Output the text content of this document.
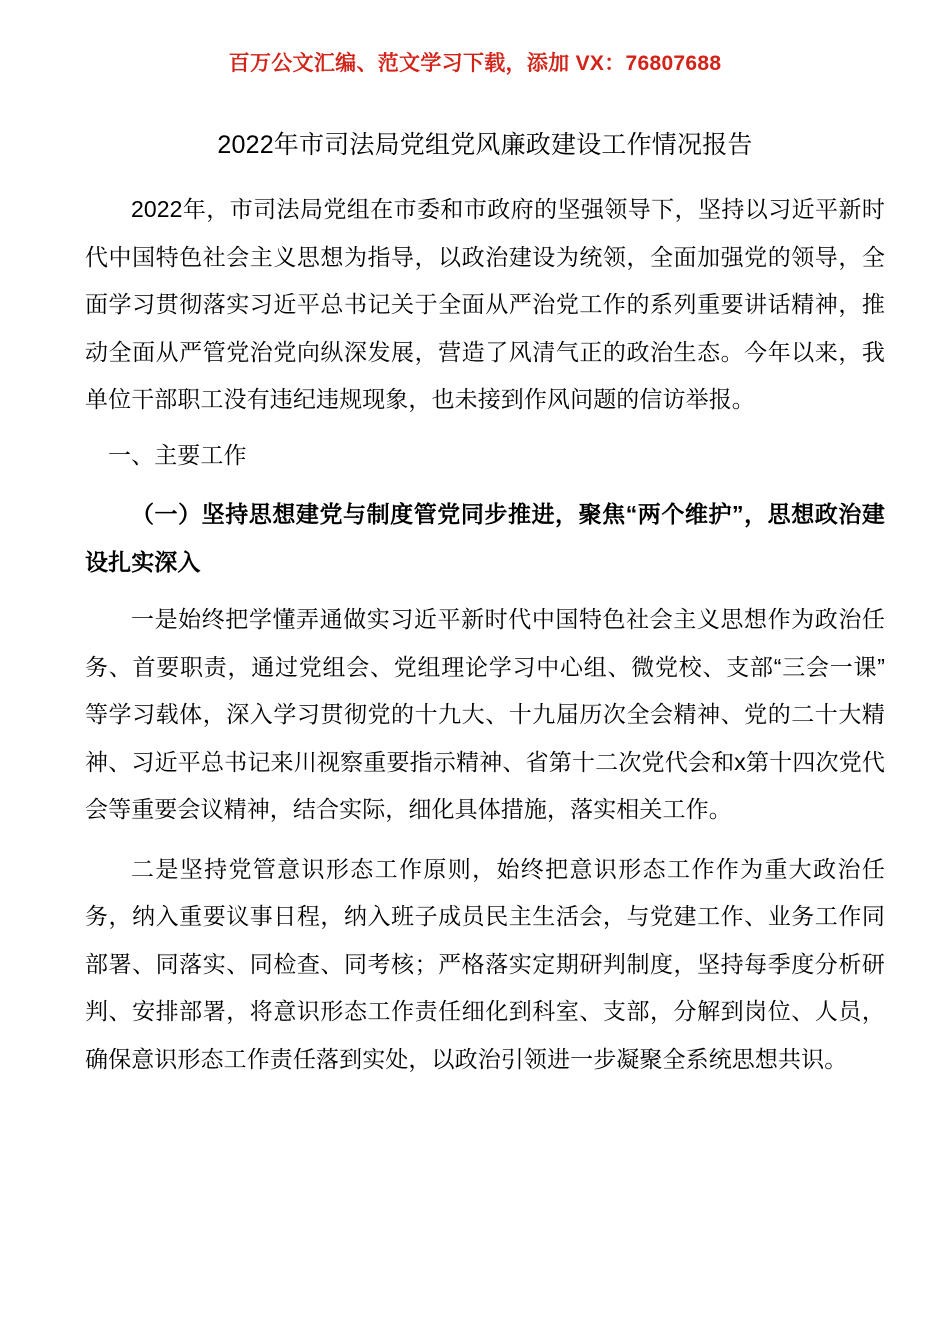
百万公文汇编、范文学习下载，添加 VX：76807688
2022年市司法局党组党风廉政建设工作情况报告

2022年，市司法局党组在市委和市政府的坚强领导下，坚持以习近平新时代中国特色社会主义思想为指导，以政治建设为统领，全面加强党的领导，全面学习贯彻落实习近平总书记关于全面从严治党工作的系列重要讲话精神，推动全面从严管党治党向纵深发展，营造了风清气正的政治生态。今年以来，我单位干部职工没有违纪违规现象，也未接到作风问题的信访举报。

一、主要工作

（一）坚持思想建党与制度管党同步推进，聚焦“两个维护”，思想政治建设扎实深入

一是始终把学懂弄通做实习近平新时代中国特色社会主义思想作为政治任务、首要职责，通过党组会、党组理论学习中心组、微党校、支部“三会一课”等学习载体，深入学习贯彻党的十九大、十九届历次全会精神、党的二十大精神、习近平总书记来川视察重要指示精神、省第十二次党代会和x第十四次党代会等重要会议精神，结合实际，细化具体措施，落实相关工作。

二是坚持党管意识形态工作原则，始终把意识形态工作作为重大政治任务，纳入重要议事日程，纳入班子成员民主生活会，与党建工作、业务工作同部署、同落实、同检查、同考核；严格落实定期研判制度，坚持每季度分析研判、安排部署，将意识形态工作责任细化到科室、支部，分解到岗位、人员，确保意识形态工作责任落到实处，以政治引领进一步凝聚全系统思想共识。
